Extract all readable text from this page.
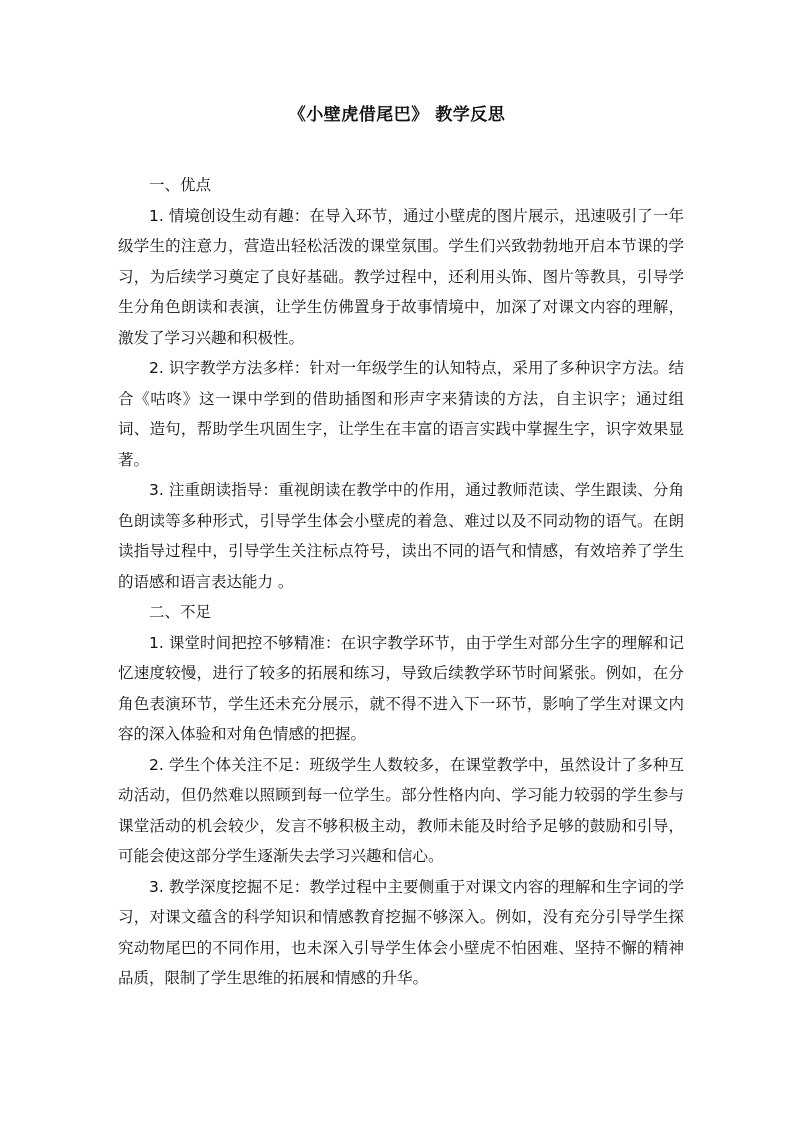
《小壁虎借尾巴》 教学反思

一、优点

1. 情境创设生动有趣：在导入环节，通过小壁虎的图片展示，迅速吸引了一年级学生的注意力，营造出轻松活泼的课堂氛围。学生们兴致勃勃地开启本节课的学习，为后续学习奠定了良好基础。教学过程中，还利用头饰、图片等教具，引导学生分角色朗读和表演，让学生仿佛置身于故事情境中，加深了对课文内容的理解，激发了学习兴趣和积极性。

2. 识字教学方法多样：针对一年级学生的认知特点，采用了多种识字方法。结合《咕咚》这一课中学到的借助插图和形声字来猜读的方法，自主识字；通过组词、造句，帮助学生巩固生字，让学生在丰富的语言实践中掌握生字，识字效果显著。

3. 注重朗读指导：重视朗读在教学中的作用，通过教师范读、学生跟读、分角色朗读等多种形式，引导学生体会小壁虎的着急、难过以及不同动物的语气。在朗读指导过程中，引导学生关注标点符号，读出不同的语气和情感，有效培养了学生的语感和语言表达能力 。

二、不足

1. 课堂时间把控不够精准：在识字教学环节，由于学生对部分生字的理解和记忆速度较慢，进行了较多的拓展和练习，导致后续教学环节时间紧张。例如，在分角色表演环节，学生还未充分展示，就不得不进入下一环节，影响了学生对课文内容的深入体验和对角色情感的把握。

2. 学生个体关注不足：班级学生人数较多，在课堂教学中，虽然设计了多种互动活动，但仍然难以照顾到每一位学生。部分性格内向、学习能力较弱的学生参与课堂活动的机会较少，发言不够积极主动，教师未能及时给予足够的鼓励和引导，可能会使这部分学生逐渐失去学习兴趣和信心。

3. 教学深度挖掘不足：教学过程中主要侧重于对课文内容的理解和生字词的学习，对课文蕴含的科学知识和情感教育挖掘不够深入。例如，没有充分引导学生探究动物尾巴的不同作用，也未深入引导学生体会小壁虎不怕困难、坚持不懈的精神品质，限制了学生思维的拓展和情感的升华。
